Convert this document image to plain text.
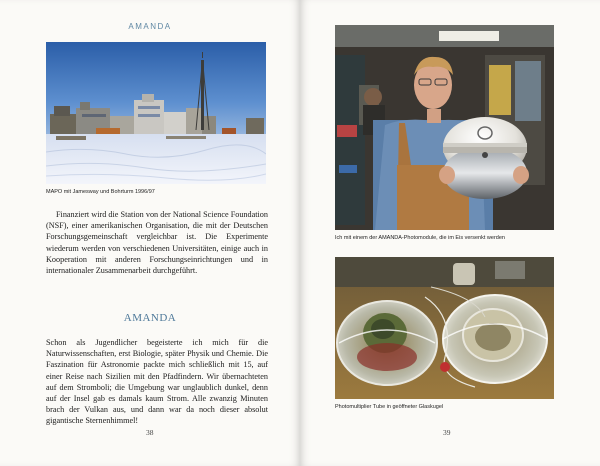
AMANDA
MAPO mit Jamesway und Bohrturm 1996/97

Finanziert wird die Station von der National Science Foundation (NSF), einer amerikanischen Organisation, die mit der Deutschen Forschungsgemeinschaft vergleichbar ist. Die Experimente wiederum werden von verschiedenen Universitäten, einige auch in Kooperation mit anderen Forschungseinrichtungen und in internationaler Zusammenarbeit durchgeführt.

AMANDA

Schon als Jugendlicher begeisterte ich mich für die Naturwissenschaften, erst Biologie, später Physik und Chemie. Die Faszination für Astronomie packte mich schließlich mit 15, auf einer Reise nach Sizilien mit den Pfadfindern. Wir übernachteten auf dem Stromboli; die Umgebung war unglaublich dunkel, denn auf der Insel gab es damals kaum Strom. Alle zwanzig Minuten brach der Vulkan aus, und dann war da noch dieser absolut gigantische Sternenhimmel!

38
Ich mit einem der AMANDA-Photomodule, die im Eis versenkt werden
Photomultiplier Tube in geöffneter Glaskugel
39
